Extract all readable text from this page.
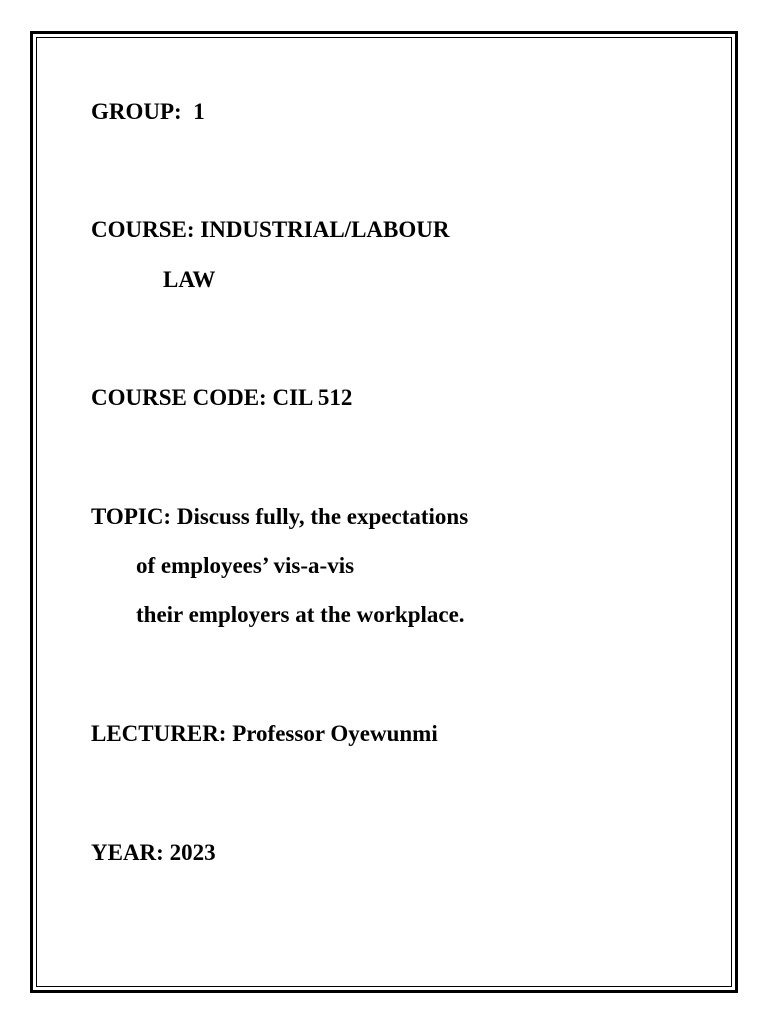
GROUP:  1
COURSE: INDUSTRIAL/LABOUR
LAW
COURSE CODE: CIL 512
TOPIC: Discuss fully, the expectations
of employees’ vis-a-vis
their employers at the workplace.
LECTURER: Professor Oyewunmi
YEAR: 2023
